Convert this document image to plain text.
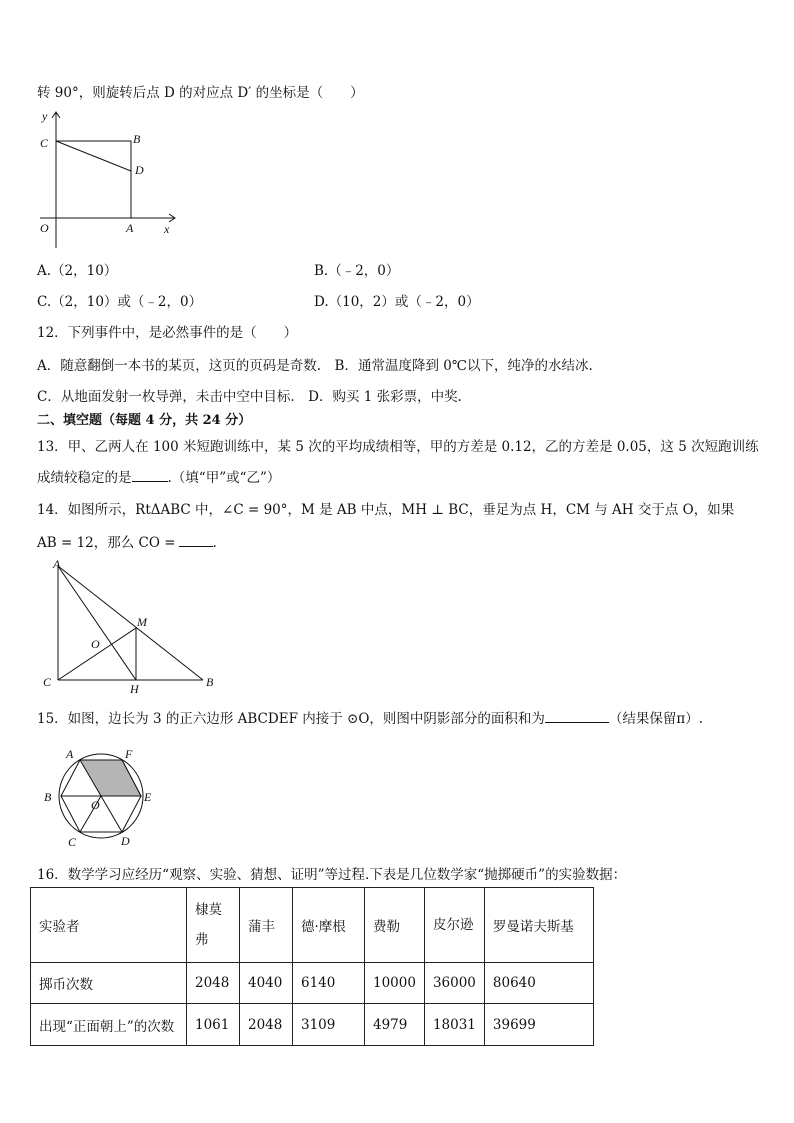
转 90°，则旋转后点 D 的对应点 D′ 的坐标是（　　）
y
x
O	A
B
C
D
A.（2，10）	B.（﹣2，0）
C.（2，10）或（﹣2，0）	D.（10，2）或（﹣2，0）
12．下列事件中，是必然事件的是（　　）
A．随意翻倒一本书的某页，这页的页码是奇数.　B．通常温度降到 0℃以下，纯净的水结冰.
C．从地面发射一枚导弹，未击中空中目标.　D．购买 1 张彩票，中奖.
二、填空题（每题 4 分，共 24 分）
13．甲、乙两人在 100 米短跑训练中，某 5 次的平均成绩相等，甲的方差是 0.12，乙的方差是 0.05，这 5 次短跑训练
成绩较稳定的是	.（填“甲”或“乙”）
14．如图所示，RtΔABC 中，∠C = 90°，M 是 AB 中点，MH ⊥ BC，垂足为点 H，CM 与 AH 交于点 O，如果
AB = 12，那么 CO =	.
A
M
O
C	H	B
15．如图，边长为 3 的正六边形 ABCDEF 内接于 ⊙O，则图中阴影部分的面积和为	（结果保留π）.
A	F
B
O
E
C	D
16．数学学习应经历“观察、实验、猜想、证明”等过程.下表是几位数学家“抛掷硬币”的实验数据：
实验者	棣莫弗	蒲丰	德·摩根	费勒	皮尔逊	罗曼诺夫斯基
掷币次数	2048	4040	6140	10000	36000	80640
出现“正面朝上”的次数	1061	2048	3109	4979	18031	39699
